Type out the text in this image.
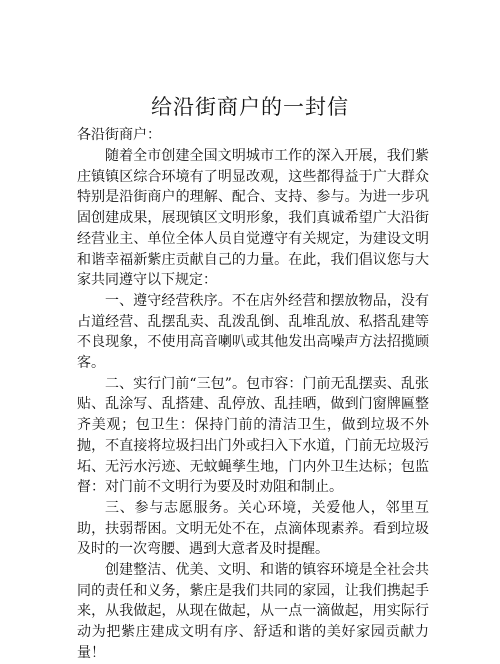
给沿街商户的一封信
各沿街商户：

随着全市创建全国文明城市工作的深入开展，我们紫庄镇镇区综合环境有了明显改观，这些都得益于广大群众特别是沿街商户的理解、配合、支持、参与。为进一步巩固创建成果，展现镇区文明形象，我们真诚希望广大沿街经营业主、单位全体人员自觉遵守有关规定，为建设文明和谐幸福新紫庄贡献自己的力量。在此，我们倡议您与大家共同遵守以下规定：

一、遵守经营秩序。不在店外经营和摆放物品，没有占道经营、乱摆乱卖、乱泼乱倒、乱堆乱放、私搭乱建等不良现象，不使用高音喇叭或其他发出高噪声方法招揽顾客。

二、实行门前“三包”。包市容：门前无乱摆卖、乱张贴、乱涂写、乱搭建、乱停放、乱挂晒，做到门窗牌匾整齐美观；包卫生：保持门前的清洁卫生，做到垃圾不外抛，不直接将垃圾扫出门外或扫入下水道，门前无垃圾污坧、无污水污迹、无蚊蝇孳生地，门内外卫生达标；包监督：对门前不文明行为要及时劝阻和制止。

三、参与志愿服务。关心环境，关爱他人，邻里互助，扶弱帮困。文明无处不在，点滴体现素养。看到垃圾及时的一次弯腰、遇到大意者及时提醒。

创建整洁、优美、文明、和谐的镇容环境是全社会共同的责任和义务，紫庄是我们共同的家园，让我们携起手来，从我做起，从现在做起，从一点一滴做起，用实际行动为把紫庄建成文明有序、舒适和谐的美好家园贡献力量！
